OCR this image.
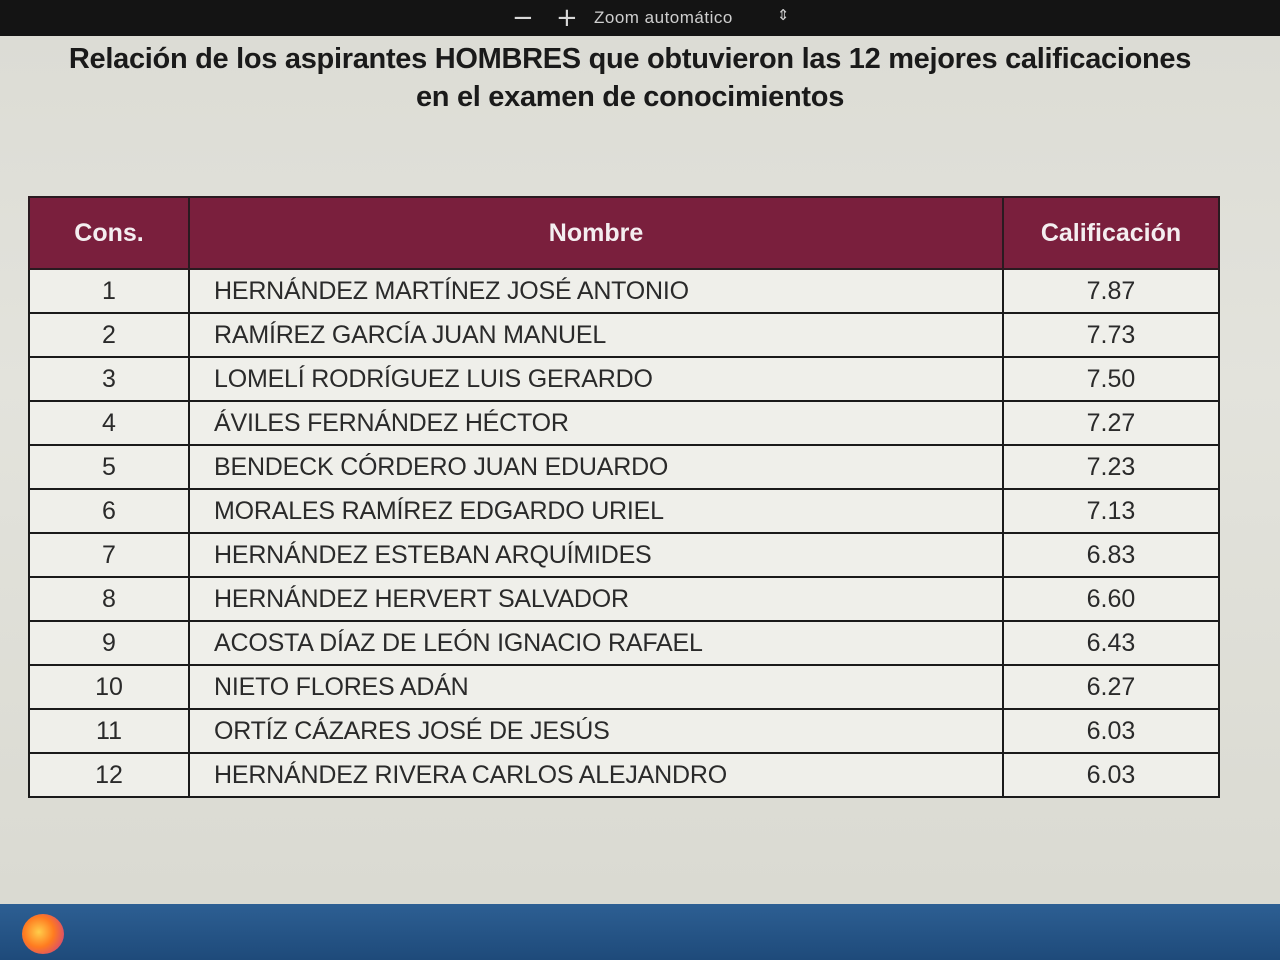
− + Zoom automático	⇕
Relación de los aspirantes HOMBRES que obtuvieron las 12 mejores calificaciones en el examen de conocimientos
Cons.	Nombre	Calificación
1	HERNÁNDEZ MARTÍNEZ JOSÉ ANTONIO	7.87
2	RAMÍREZ GARCÍA JUAN MANUEL	7.73
3	LOMELÍ RODRÍGUEZ LUIS GERARDO	7.50
4	ÁVILES FERNÁNDEZ HÉCTOR	7.27
5	BENDECK CÓRDERO JUAN EDUARDO	7.23
6	MORALES RAMÍREZ EDGARDO URIEL	7.13
7	HERNÁNDEZ ESTEBAN ARQUÍMIDES	6.83
8	HERNÁNDEZ HERVERT SALVADOR	6.60
9	ACOSTA DÍAZ DE LEÓN IGNACIO RAFAEL	6.43
10	NIETO FLORES ADÁN	6.27
11	ORTÍZ CÁZARES JOSÉ DE JESÚS	6.03
12	HERNÁNDEZ RIVERA CARLOS ALEJANDRO	6.03
